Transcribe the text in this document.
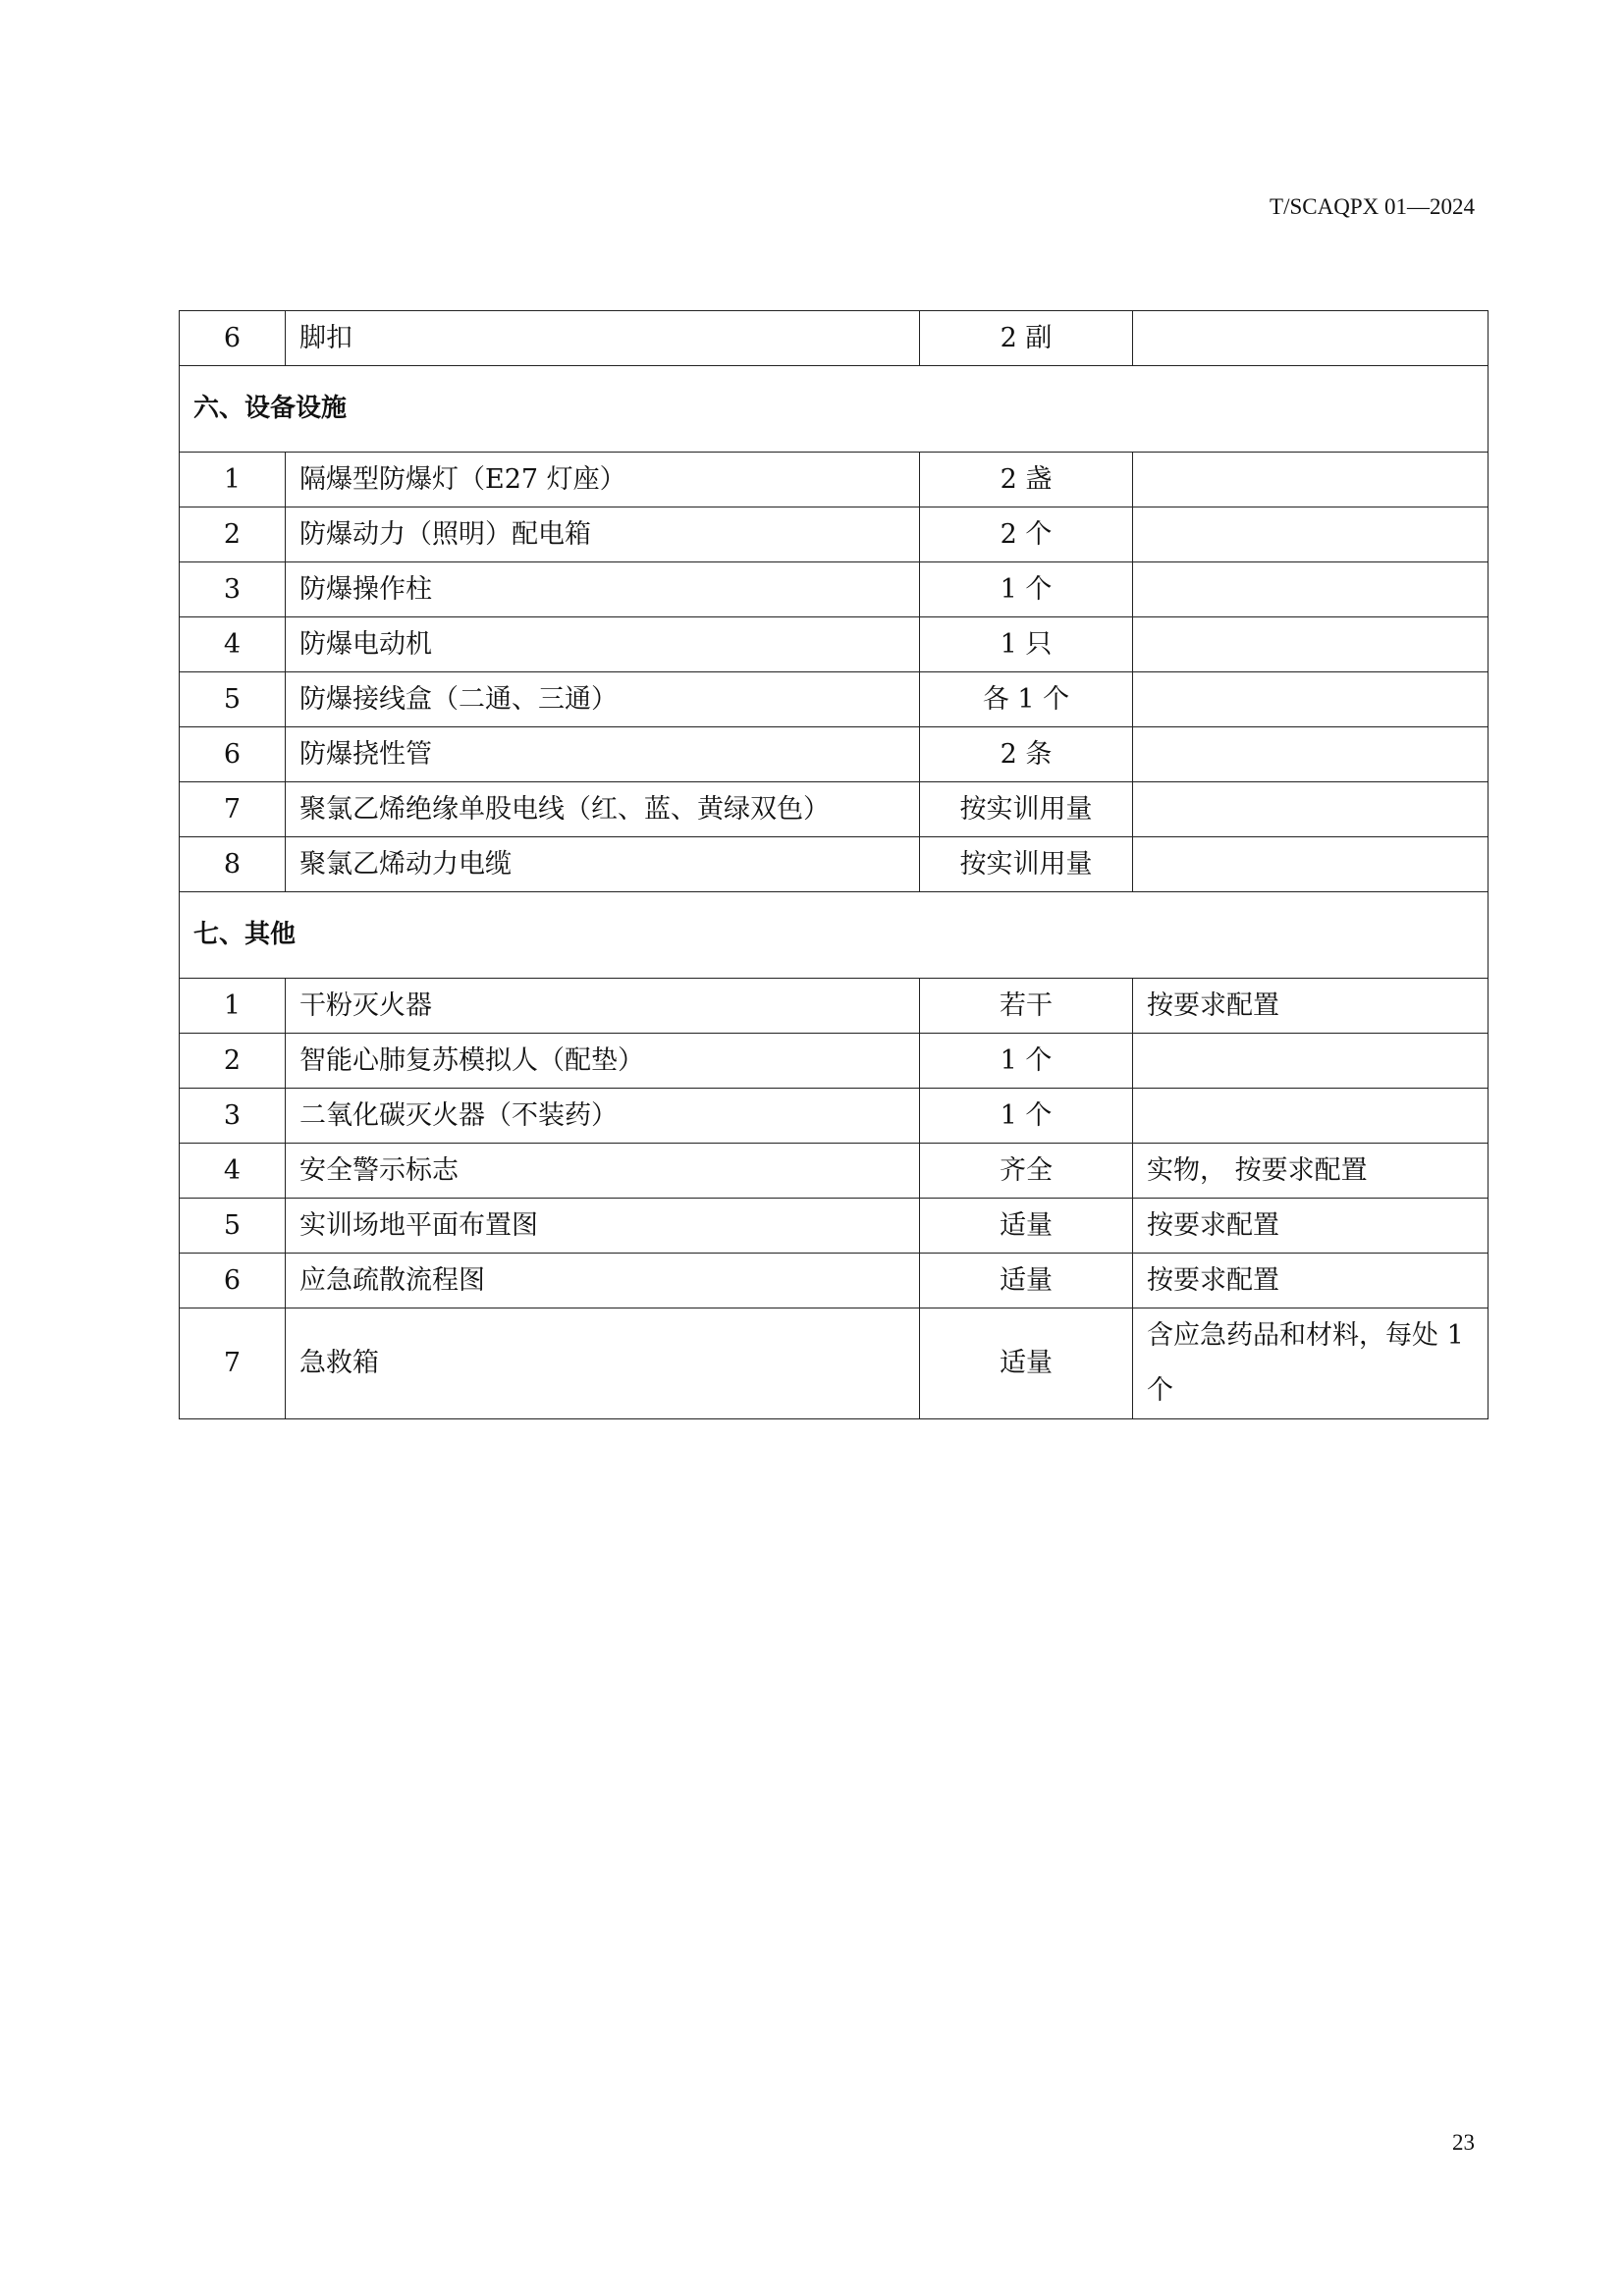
T/SCAQPX 01—2024
6	脚扣	2 副	
六、设备设施			
1	隔爆型防爆灯（E27 灯座）	2 盏	
2	防爆动力（照明）配电箱	2 个	
3	防爆操作柱	1 个	
4	防爆电动机	1 只	
5	防爆接线盒（二通、三通）	各 1 个	
6	防爆挠性管	2 条	
7	聚氯乙烯绝缘单股电线（红、蓝、黄绿双色）	按实训用量	
8	聚氯乙烯动力电缆	按实训用量	
七、其他			
1	干粉灭火器	若干	按要求配置
2	智能心肺复苏模拟人（配垫）	1 个	
3	二氧化碳灭火器（不装药）	1 个	
4	安全警示标志	齐全	实物， 按要求配置
5	实训场地平面布置图	适量	按要求配置
6	应急疏散流程图	适量	按要求配置
7	急救箱	适量	含应急药品和材料，每处 1 个
23
